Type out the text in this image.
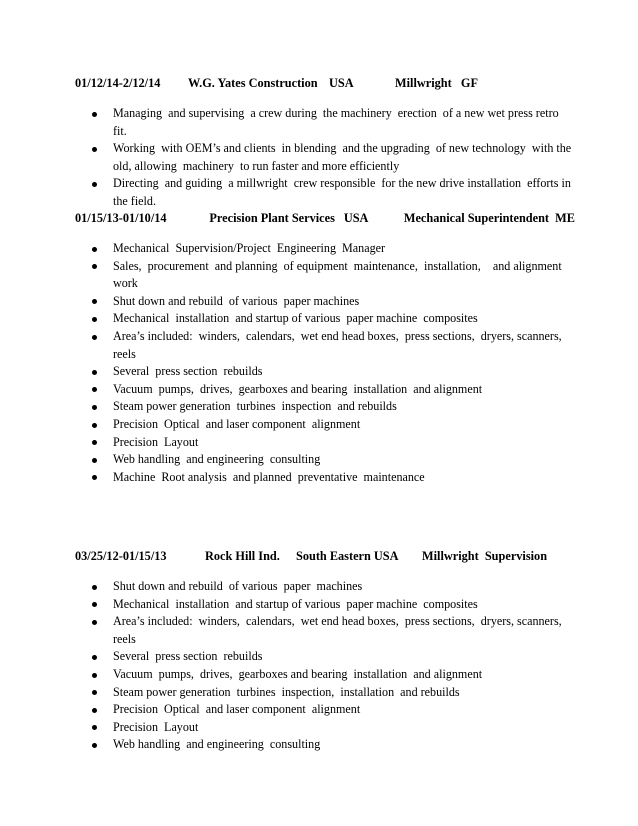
01/12/14-2/12/14	W.G. Yates Construction USA	Millwright   GF
Managing  and supervising  a crew during  the machinery  erection  of a new wet press retro fit.
Working  with OEM’s and clients  in blending  and the upgrading  of new technology  with the old, allowing  machinery  to run faster and more efficiently
Directing  and guiding  a millwright  crew responsible  for the new drive installation  efforts in the field.
01/15/13-01/10/14	Precision Plant Services USA	Mechanical Superintendent  ME
Mechanical  Supervision/Project  Engineering  Manager
Sales,  procurement  and planning  of equipment  maintenance,  installation,    and alignment work
Shut down and rebuild  of various  paper machines
Mechanical  installation  and startup of various  paper machine  composites
Area’s included:  winders,  calendars,  wet end head boxes,  press sections,  dryers, scanners,  reels
Several  press section  rebuilds
Vacuum  pumps,  drives,  gearboxes and bearing  installation  and alignment
Steam power generation  turbines  inspection  and rebuilds
Precision  Optical  and laser component  alignment
Precision  Layout
Web handling  and engineering  consulting
Machine  Root analysis  and planned  preventative  maintenance
03/25/12-01/15/13	Rock Hill Ind.	South Eastern USA	Millwright  Supervision
Shut down and rebuild  of various  paper  machines
Mechanical  installation  and startup of various  paper machine  composites
Area’s included:  winders,  calendars,  wet end head boxes,  press sections,  dryers, scanners,  reels
Several  press section  rebuilds
Vacuum  pumps,  drives,  gearboxes and bearing  installation  and alignment
Steam power generation  turbines  inspection,  installation  and rebuilds
Precision  Optical  and laser component  alignment
Precision  Layout
Web handling  and engineering  consulting
